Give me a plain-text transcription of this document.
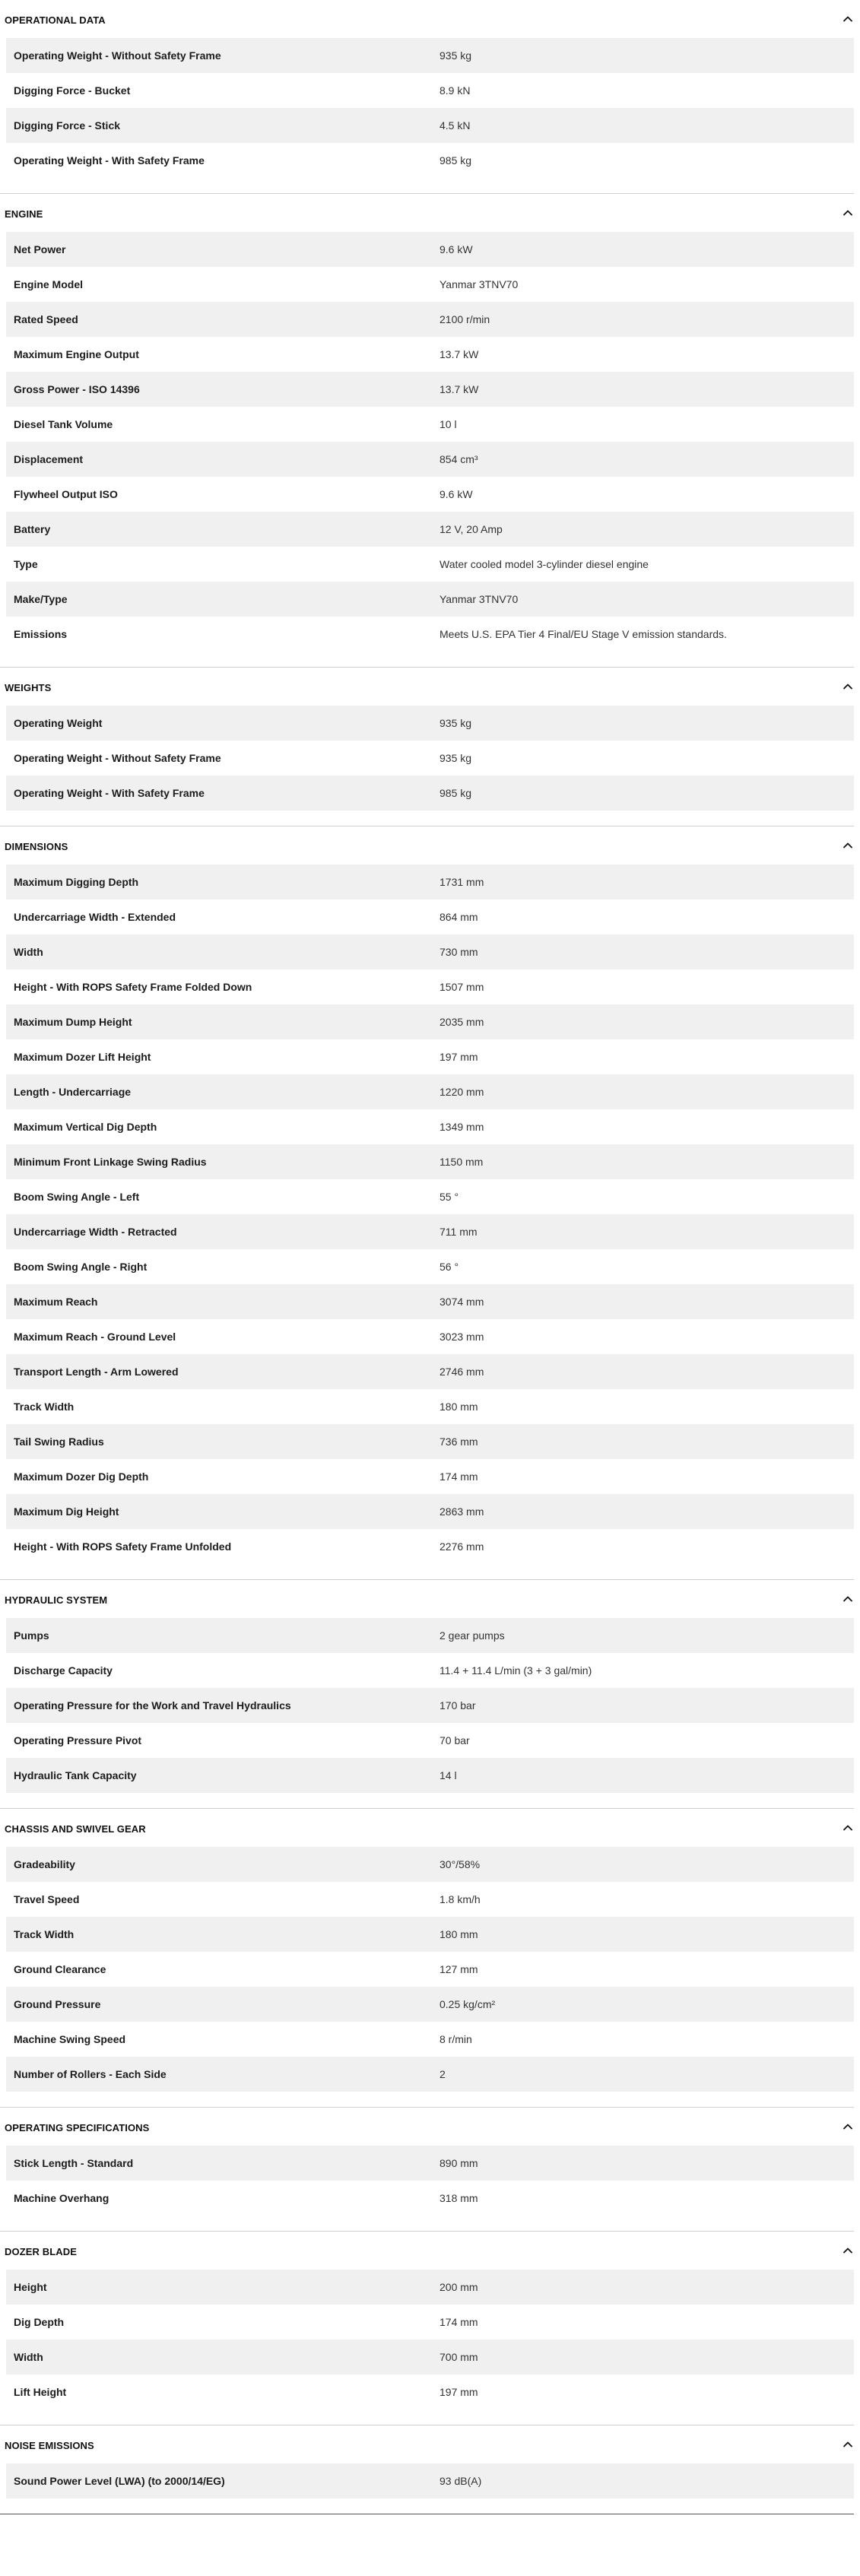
OPERATIONAL DATA
Operating Weight - Without Safety Frame	935 kg
Digging Force - Bucket	8.9 kN
Digging Force - Stick	4.5 kN
Operating Weight - With Safety Frame	985 kg
ENGINE
Net Power	9.6 kW
Engine Model	Yanmar 3TNV70
Rated Speed	2100 r/min
Maximum Engine Output	13.7 kW
Gross Power - ISO 14396	13.7 kW
Diesel Tank Volume	10 l
Displacement	854 cm³
Flywheel Output ISO	9.6 kW
Battery	12 V, 20 Amp
Type	Water cooled model 3-cylinder diesel engine
Make/Type	Yanmar 3TNV70
Emissions	Meets U.S. EPA Tier 4 Final/EU Stage V emission standards.
WEIGHTS
Operating Weight	935 kg
Operating Weight - Without Safety Frame	935 kg
Operating Weight - With Safety Frame	985 kg
DIMENSIONS
Maximum Digging Depth	1731 mm
Undercarriage Width - Extended	864 mm
Width	730 mm
Height - With ROPS Safety Frame Folded Down	1507 mm
Maximum Dump Height	2035 mm
Maximum Dozer Lift Height	197 mm
Length - Undercarriage	1220 mm
Maximum Vertical Dig Depth	1349 mm
Minimum Front Linkage Swing Radius	1150 mm
Boom Swing Angle - Left	55 °
Undercarriage Width - Retracted	711 mm
Boom Swing Angle - Right	56 °
Maximum Reach	3074 mm
Maximum Reach - Ground Level	3023 mm
Transport Length - Arm Lowered	2746 mm
Track Width	180 mm
Tail Swing Radius	736 mm
Maximum Dozer Dig Depth	174 mm
Maximum Dig Height	2863 mm
Height - With ROPS Safety Frame Unfolded	2276 mm
HYDRAULIC SYSTEM
Pumps	2 gear pumps
Discharge Capacity	11.4 + 11.4 L/min (3 + 3 gal/min)
Operating Pressure for the Work and Travel Hydraulics	170 bar
Operating Pressure Pivot	70 bar
Hydraulic Tank Capacity	14 l
CHASSIS AND SWIVEL GEAR
Gradeability	30°/58%
Travel Speed	1.8 km/h
Track Width	180 mm
Ground Clearance	127 mm
Ground Pressure	0.25 kg/cm²
Machine Swing Speed	8 r/min
Number of Rollers - Each Side	2
OPERATING SPECIFICATIONS
Stick Length - Standard	890 mm
Machine Overhang	318 mm
DOZER BLADE
Height	200 mm
Dig Depth	174 mm
Width	700 mm
Lift Height	197 mm
NOISE EMISSIONS
Sound Power Level (LWA) (to 2000/14/EG)	93 dB(A)
